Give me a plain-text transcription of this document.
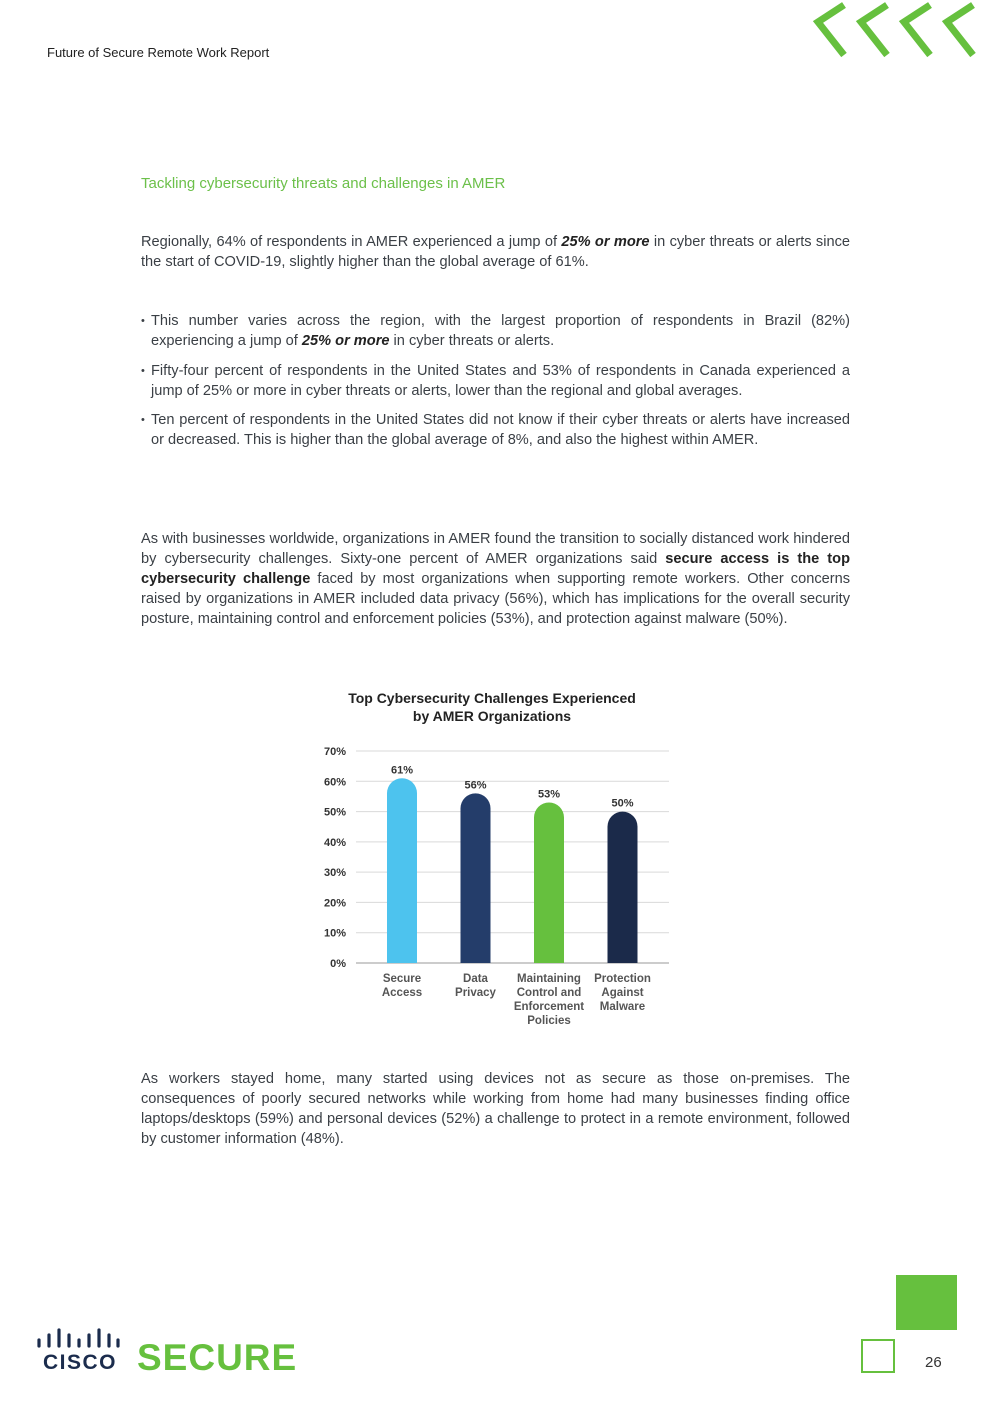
Future of Secure Remote Work Report
Tackling cybersecurity threats and challenges in AMER
Regionally, 64% of respondents in AMER experienced a jump of 25% or more in cyber threats or alerts since the start of COVID-19, slightly higher than the global average of 61%.
• This number varies across the region, with the largest proportion of respondents in Brazil (82%) experiencing a jump of 25% or more in cyber threats or alerts.
• Fifty-four percent of respondents in the United States and 53% of respondents in Canada experienced a jump of 25% or more in cyber threats or alerts, lower than the regional and global averages.
• Ten percent of respondents in the United States did not know if their cyber threats or alerts have increased or decreased. This is higher than the global average of 8%, and also the highest within AMER.
As with businesses worldwide, organizations in AMER found the transition to socially distanced work hindered by cybersecurity challenges. Sixty-one percent of AMER organizations said secure access is the top cybersecurity challenge faced by most organizations when supporting remote workers. Other concerns raised by organizations in AMER included data privacy (56%), which has implications for the overall security posture, maintaining control and enforcement policies (53%), and protection against malware (50%).
Top Cybersecurity Challenges Experienced
by AMER Organizations
0%
10%
20%
30%
40%
50%
60%
70%
61%
56%
53%
50%
Secure
Access
Data
Privacy
Maintaining
Control and
Enforcement
Policies
Protection
Against
Malware
As workers stayed home, many started using devices not as secure as those on-premises. The consequences of poorly secured networks while working from home had many businesses finding office laptops/desktops (59%) and personal devices (52%) a challenge to protect in a remote environment, followed by customer information (48%).
26
CISCO SECURE
